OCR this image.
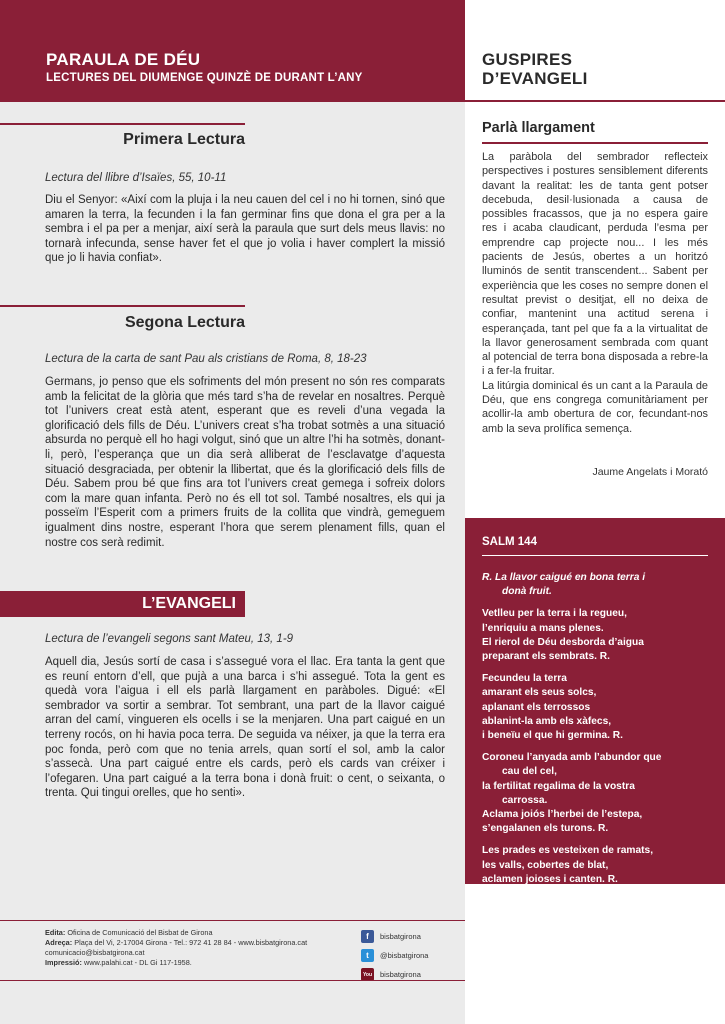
PARAULA DE DÉU
LECTURES DEL DIUMENGE QUINZÈ DE DURANT L’ANY
GUSPIRES
D’EVANGELI
Primera Lectura
Lectura del llibre d’Isaïes, 55, 10-11
Diu el Senyor: «Així com la pluja i la neu cauen del cel i no hi tornen, sinó que amaren la terra, la fecunden i la fan germinar fins que dona el gra per a la sembra i el pa per a menjar, així serà la paraula que surt dels meus llavis: no tornarà infecunda, sense haver fet el que jo volia i haver complert la missió que jo li havia confiat».
Segona Lectura
Lectura de la carta de sant Pau als cristians de Roma, 8, 18-23
Germans, jo penso que els sofriments del món present no són res comparats amb la felicitat de la glòria que més tard s’ha de revelar en nosaltres. Perquè tot l’univers creat està atent, esperant que es reveli d’una vegada la glorificació dels fills de Déu. L’univers creat s’ha trobat sotmès a una situació absurda no perquè ell ho hagi volgut, sinó que un altre l’hi ha sotmès, donant-li, però, l’esperança que un dia serà alliberat de l’esclavatge d’aquesta situació desgraciada, per obtenir la llibertat, que és la glorificació dels fills de Déu. Sabem prou bé que fins ara tot l’univers creat gemega i sofreix dolors com la mare quan infanta. Però no és ell tot sol. També nosaltres, els qui ja posseïm l’Esperit com a primers fruits de la collita que vindrà, gemeguem igualment dins nostre, esperant l’hora que serem plenament fills, quan el nostre cos serà redimit.
L’EVANGELI
Lectura de l’evangeli segons sant Mateu, 13, 1-9
Aquell dia, Jesús sortí de casa i s’assegué vora el llac. Era tanta la gent que es reuní entorn d’ell, que pujà a una barca i s’hi assegué. Tota la gent es quedà vora l’aigua i ell els parlà llargament en paràboles. Digué: «El sembrador va sortir a sembrar. Tot sembrant, una part de la llavor caigué arran del camí, vingueren els ocells i se la menjaren. Una part caigué en un terreny rocós, on hi havia poca terra. De seguida va néixer, ja que la terra era poc fonda, però com que no tenia arrels, quan sortí el sol, amb la calor s’assecà. Una part caigué entre els cards, però els cards van créixer i l’ofegaren. Una part caigué a la terra bona i donà fruit: o cent, o seixanta, o trenta. Qui tingui orelles, que ho senti».
Edita: Oficina de Comunicació del Bisbat de Girona
Adreça: Plaça del Vi, 2-17004 Girona - Tel.: 972 41 28 84 - www.bisbatgirona.cat
comunicacio@bisbatgirona.cat
Impressió: www.palahi.cat - DL Gi 117-1958.
f	bisbatgirona
t	@bisbatgirona
You bisbatgirona
Parlà llargament
La paràbola del sembrador reflecteix perspectives i postures sensiblement diferents davant la realitat: les de tanta gent potser decebuda, desil·lusionada a causa de possibles fracassos, que ja no espera gaire res i acaba claudicant, perduda l’esma per emprendre cap projecte nou... I les més pacients de Jesús, obertes a un horitzó lluminós de sentit transcendent... Sabent per experiència que les coses no sempre donen el resultat previst o desitjat, ell no deixa de confiar, mantenint una actitud serena i esperançada, tant pel que fa a la virtualitat de la llavor generosament sembrada com quant al potencial de terra bona disposada a rebre-la i a fer-la fruitar.
La litúrgia dominical és un cant a la Paraula de Déu, que ens congrega comunitàriament per acollir-la amb obertura de cor, fecundant-nos amb la seva prolífica semença.
Jaume Angelats i Morató
SALM 144
R. La llavor caigué en bona terra i
donà fruit.
Vetlleu per la terra i la regueu,
l’enriquiu a mans plenes.
El rierol de Déu desborda d’aigua
preparant els sembrats. R.
Fecundeu la terra
amarant els seus solcs,
aplanant els terrossos
ablanint-la amb els xàfecs,
i beneïu el que hi germina. R.
Coroneu l’anyada amb l’abundor que
cau del cel,
la fertilitat regalima de la vostra
carrossa.
Aclama joiós l’herbei de l’estepa,
s’engalanen els turons. R.
Les prades es vesteixen de ramats,
les valls, cobertes de blat,
aclamen joioses i canten. R.
